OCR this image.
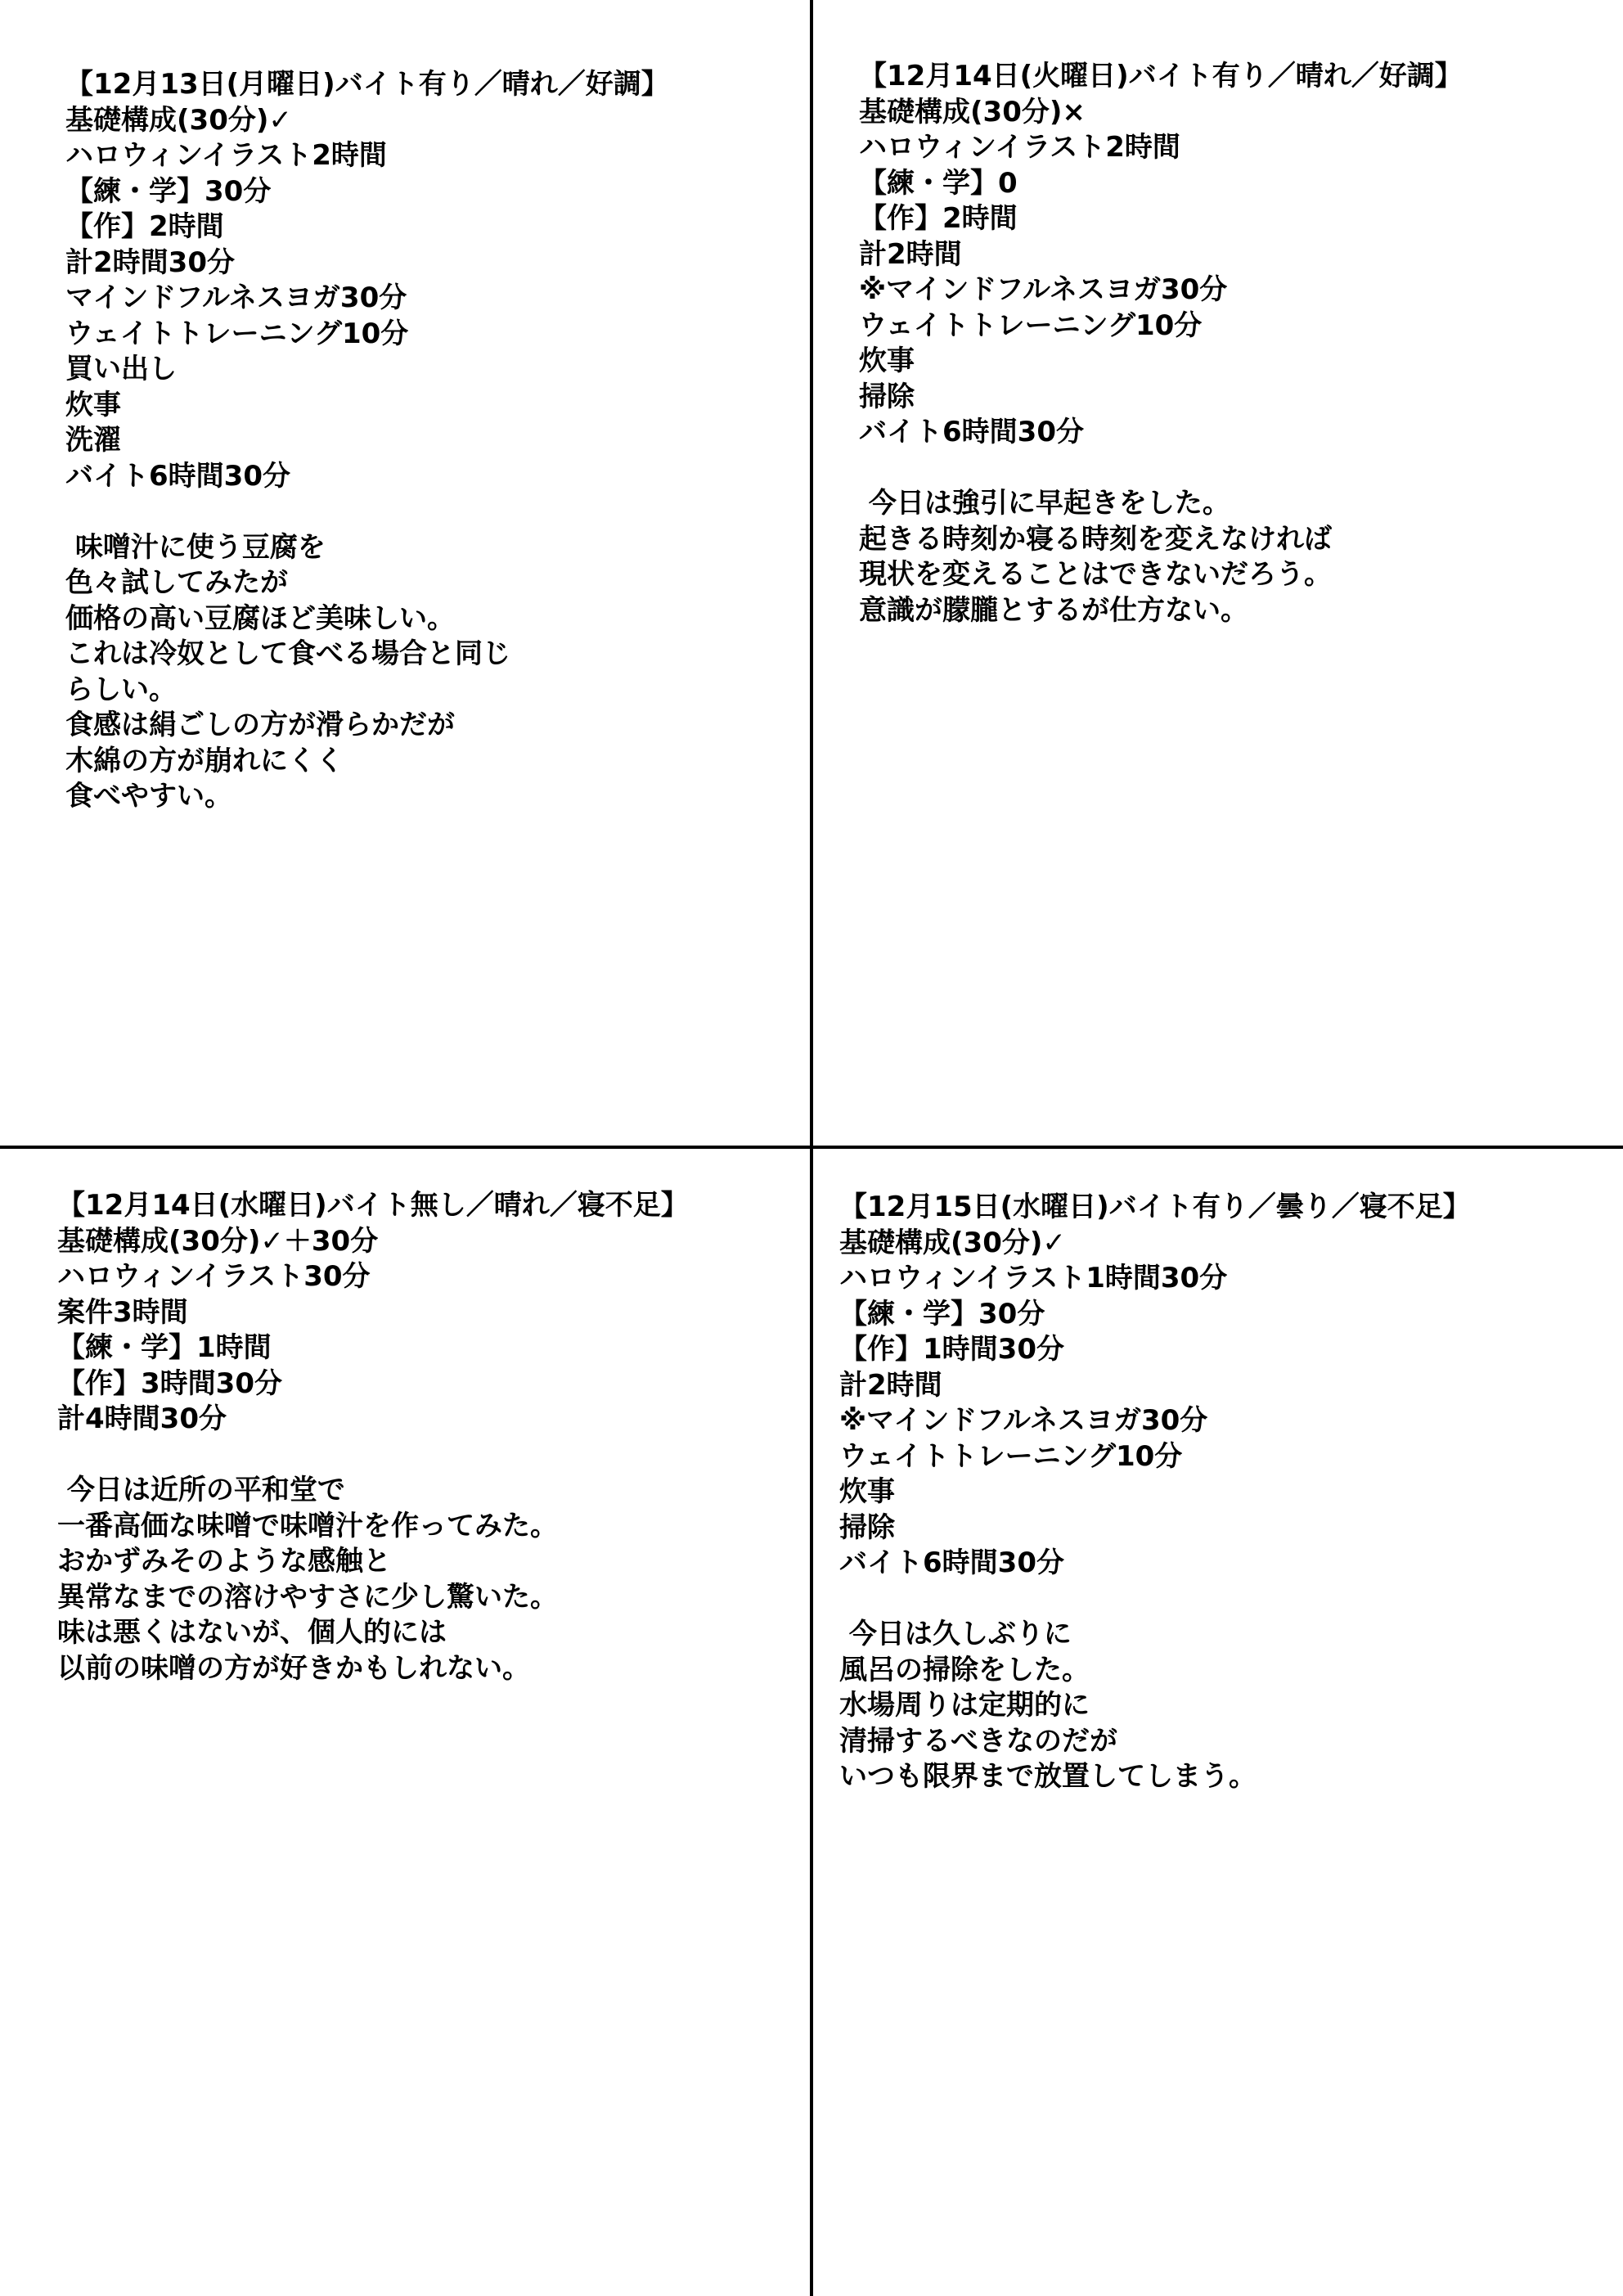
【12月13日(月曜日)バイト有り／晴れ／好調】
基礎構成(30分)✓
ハロウィンイラスト2時間
【練・学】30分
【作】2時間
計2時間30分
マインドフルネスヨガ30分
ウェイトトレーニング10分
買い出し
炊事
洗濯
バイト6時間30分
味噌汁に使う豆腐を
色々試してみたが
価格の高い豆腐ほど美味しい。
これは冷奴として食べる場合と同じ
らしい。
食感は絹ごしの方が滑らかだが
木綿の方が崩れにくく
食べやすい。
【12月14日(火曜日)バイト有り／晴れ／好調】
基礎構成(30分)×
ハロウィンイラスト2時間
【練・学】0
【作】2時間
計2時間
※マインドフルネスヨガ30分
ウェイトトレーニング10分
炊事
掃除
バイト6時間30分
今日は強引に早起きをした。
起きる時刻か寝る時刻を変えなければ
現状を変えることはできないだろう。
意識が朦朧とするが仕方ない。
【12月14日(水曜日)バイト無し／晴れ／寝不足】
基礎構成(30分)✓＋30分
ハロウィンイラスト30分
案件3時間
【練・学】1時間
【作】3時間30分
計4時間30分
今日は近所の平和堂で
一番高価な味噌で味噌汁を作ってみた。
おかずみそのような感触と
異常なまでの溶けやすさに少し驚いた。
味は悪くはないが、個人的には
以前の味噌の方が好きかもしれない。
【12月15日(水曜日)バイト有り／曇り／寝不足】
基礎構成(30分)✓
ハロウィンイラスト1時間30分
【練・学】30分
【作】1時間30分
計2時間
※マインドフルネスヨガ30分
ウェイトトレーニング10分
炊事
掃除
バイト6時間30分
今日は久しぶりに
風呂の掃除をした。
水場周りは定期的に
清掃するべきなのだが
いつも限界まで放置してしまう。
